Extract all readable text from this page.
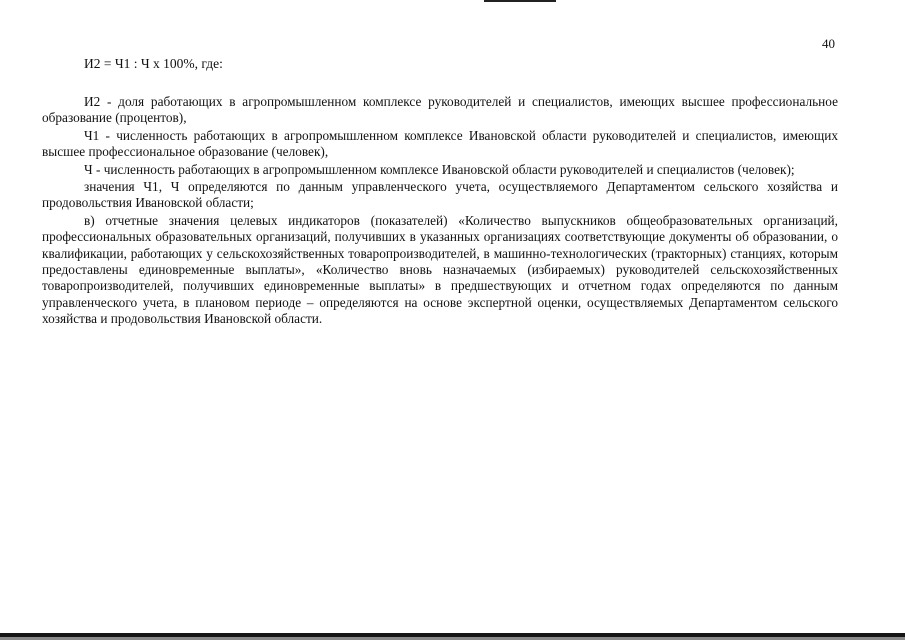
40
И2 = Ч1 : Ч х 100%, где:

И2 - доля работающих в агропромышленном комплексе руководителей и специалистов, имеющих высшее профессиональное образование (процентов),

Ч1 - численность работающих в агропромышленном комплексе Ивановской области руководителей и специалистов, имеющих высшее профессиональное образование (человек),

Ч - численность работающих в агропромышленном комплексе Ивановской области руководителей и специалистов (человек);

значения Ч1, Ч определяются по данным управленческого учета, осуществляемого Департаментом сельского хозяйства и продовольствия Ивановской области;

в) отчетные значения целевых индикаторов (показателей) «Количество выпускников общеобразовательных организаций, профессиональных образовательных организаций, получивших в указанных организациях соответствующие документы об образовании, о квалификации, работающих у сельскохозяйственных товаропроизводителей, в машинно-технологических (тракторных) станциях, которым предоставлены единовременные выплаты», «Количество вновь назначаемых (избираемых) руководителей сельскохозяйственных товаропроизводителей, получивших единовременные выплаты» в предшествующих и отчетном годах определяются по данным управленческого учета, в плановом периоде – определяются на основе экспертной оценки, осуществляемых Департаментом сельского хозяйства и продовольствия Ивановской области.
